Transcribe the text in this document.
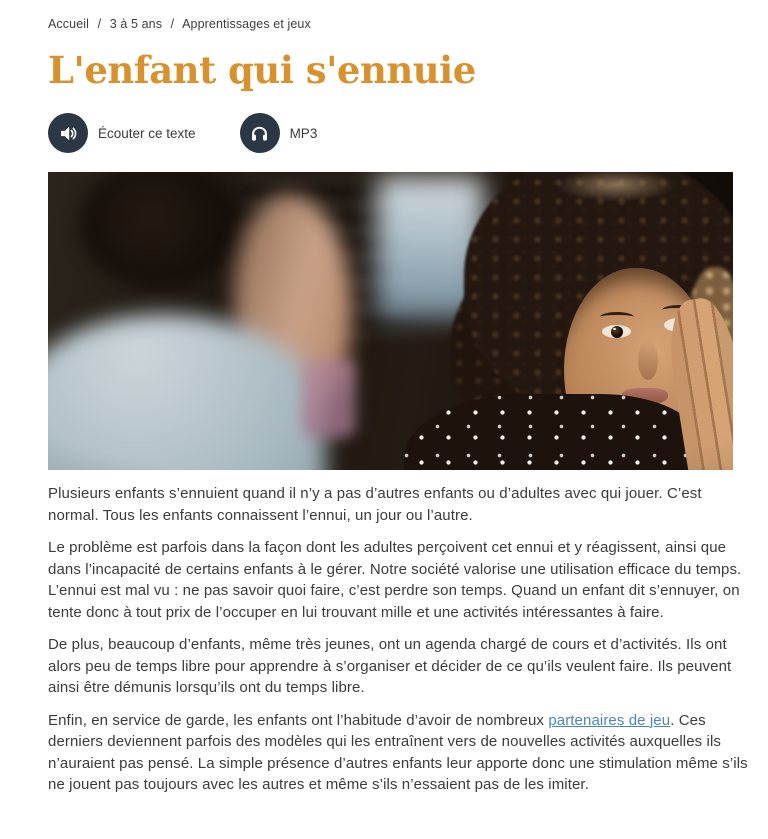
Accueil / 3 à 5 ans / Apprentissages et jeux
L'enfant qui s'ennuie
Écouter ce texte	MP3

Plusieurs enfants s’ennuient quand il n’y a pas d’autres enfants ou d’adultes avec qui jouer. C’est normal. Tous les enfants connaissent l’ennui, un jour ou l’autre.

Le problème est parfois dans la façon dont les adultes perçoivent cet ennui et y réagissent, ainsi que dans l’incapacité de certains enfants à le gérer. Notre société valorise une utilisation efficace du temps. L’ennui est mal vu : ne pas savoir quoi faire, c’est perdre son temps. Quand un enfant dit s’ennuyer, on tente donc à tout prix de l’occuper en lui trouvant mille et une activités intéressantes à faire.

De plus, beaucoup d’enfants, même très jeunes, ont un agenda chargé de cours et d’activités. Ils ont alors peu de temps libre pour apprendre à s’organiser et décider de ce qu’ils veulent faire. Ils peuvent ainsi être démunis lorsqu’ils ont du temps libre.

Enfin, en service de garde, les enfants ont l’habitude d’avoir de nombreux partenaires de jeu. Ces derniers deviennent parfois des modèles qui les entraînent vers de nouvelles activités auxquelles ils n’auraient pas pensé. La simple présence d’autres enfants leur apporte donc une stimulation même s’ils ne jouent pas toujours avec les autres et même s’ils n’essaient pas de les imiter.
